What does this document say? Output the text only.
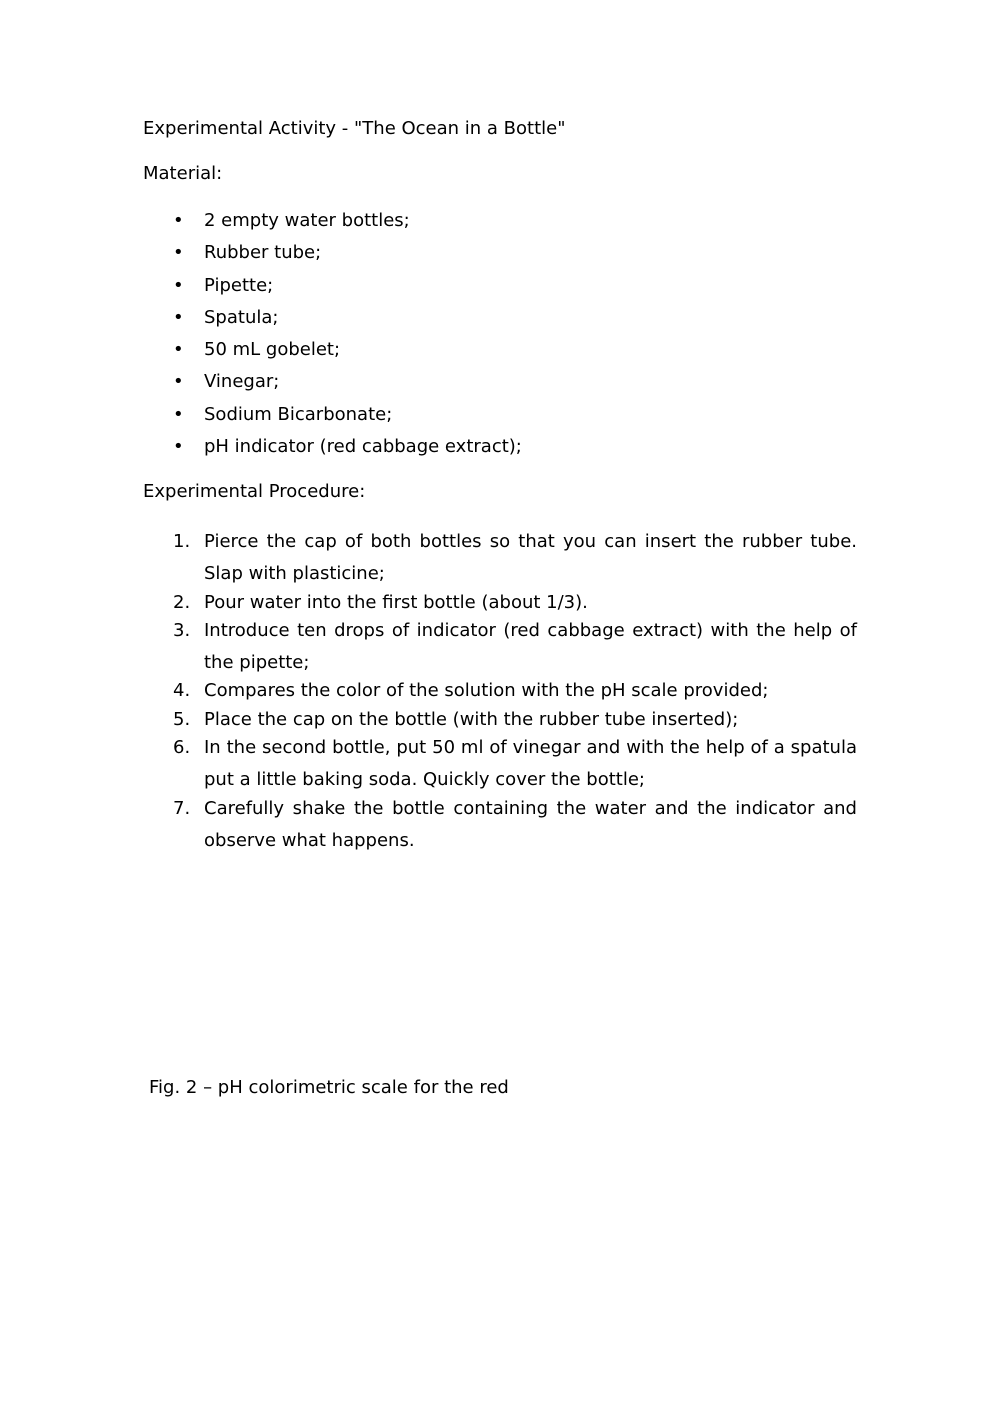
Experimental Activity - "The Ocean in a Bottle"

Material:

• 2 empty water bottles;
• Rubber tube;
• Pipette;
• Spatula;
• 50 mL gobelet;
• Vinegar;
• Sodium Bicarbonate;
• pH indicator (red cabbage extract);

Experimental Procedure:

1. Pierce the cap of both bottles so that you can insert the rubber tube. Slap with plasticine;
2. Pour water into the first bottle (about 1/3).
3. Introduce ten drops of indicator (red cabbage extract) with the help of the pipette;
4. Compares the color of the solution with the pH scale provided;
5. Place the cap on the bottle (with the rubber tube inserted);
6. In the second bottle, put 50 ml of vinegar and with the help of a spatula put a little baking soda. Quickly cover the bottle;
7. Carefully shake the bottle containing the water and the indicator and observe what happens.

Fig. 2 – pH colorimetric scale for the red
